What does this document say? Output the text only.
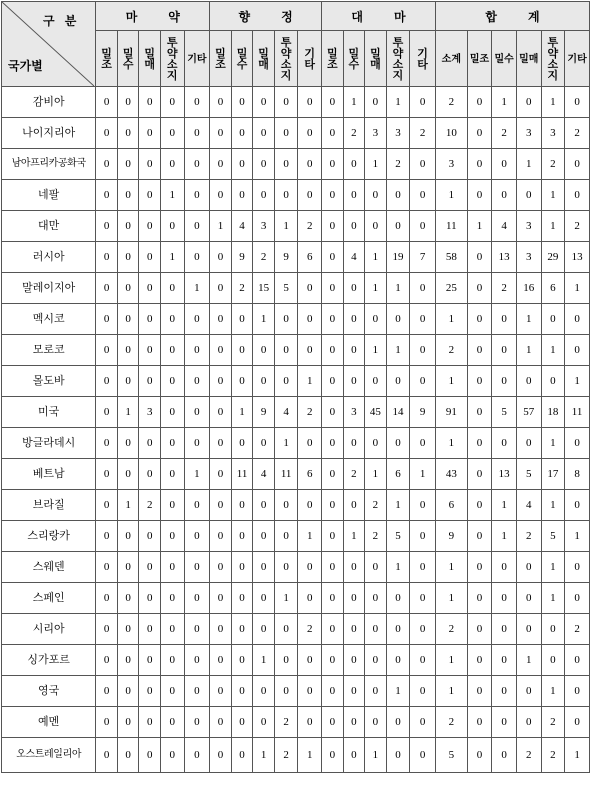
구 분
국가별	마 약					향 정					대 마					합 계					
	밀조	밀수	밀매	투약소지	기타	밀조	밀수	밀매	투약소지	기타	밀조	밀수	밀매	투약소지	기타	소계	밀조	밀수	밀매	투약소지	기타
감비아	0	0	0	0	0	0	0	0	0	0	0	1	0	1	0	2	0	1	0	1	0
나이지리아	0	0	0	0	0	0	0	0	0	0	0	2	3	3	2	10	0	2	3	3	2
남아프리카공화국	0	0	0	0	0	0	0	0	0	0	0	0	1	2	0	3	0	0	1	2	0
네팔	0	0	0	1	0	0	0	0	0	0	0	0	0	0	0	1	0	0	0	1	0
대만	0	0	0	0	0	1	4	3	1	2	0	0	0	0	0	11	1	4	3	1	2
러시아	0	0	0	1	0	0	9	2	9	6	0	4	1	19	7	58	0	13	3	29	13
말레이지아	0	0	0	0	1	0	2	15	5	0	0	0	1	1	0	25	0	2	16	6	1
멕시코	0	0	0	0	0	0	0	1	0	0	0	0	0	0	0	1	0	0	1	0	0
모로코	0	0	0	0	0	0	0	0	0	0	0	0	1	1	0	2	0	0	1	1	0
몰도바	0	0	0	0	0	0	0	0	0	1	0	0	0	0	0	1	0	0	0	0	1
미국	0	1	3	0	0	0	1	9	4	2	0	3	45	14	9	91	0	5	57	18	11
방글라데시	0	0	0	0	0	0	0	0	1	0	0	0	0	0	0	1	0	0	0	1	0
베트남	0	0	0	0	1	0	11	4	11	6	0	2	1	6	1	43	0	13	5	17	8
브라질	0	1	2	0	0	0	0	0	0	0	0	0	2	1	0	6	0	1	4	1	0
스리랑카	0	0	0	0	0	0	0	0	0	1	0	1	2	5	0	9	0	1	2	5	1
스웨덴	0	0	0	0	0	0	0	0	0	0	0	0	0	1	0	1	0	0	0	1	0
스페인	0	0	0	0	0	0	0	0	1	0	0	0	0	0	0	1	0	0	0	1	0
시리아	0	0	0	0	0	0	0	0	0	2	0	0	0	0	0	2	0	0	0	0	2
싱가포르	0	0	0	0	0	0	0	1	0	0	0	0	0	0	0	1	0	0	1	0	0
영국	0	0	0	0	0	0	0	0	0	0	0	0	0	1	0	1	0	0	0	1	0
예멘	0	0	0	0	0	0	0	0	2	0	0	0	0	0	0	2	0	0	0	2	0
오스트레일리아	0	0	0	0	0	0	0	1	2	1	0	0	1	0	0	5	0	0	2	2	1
